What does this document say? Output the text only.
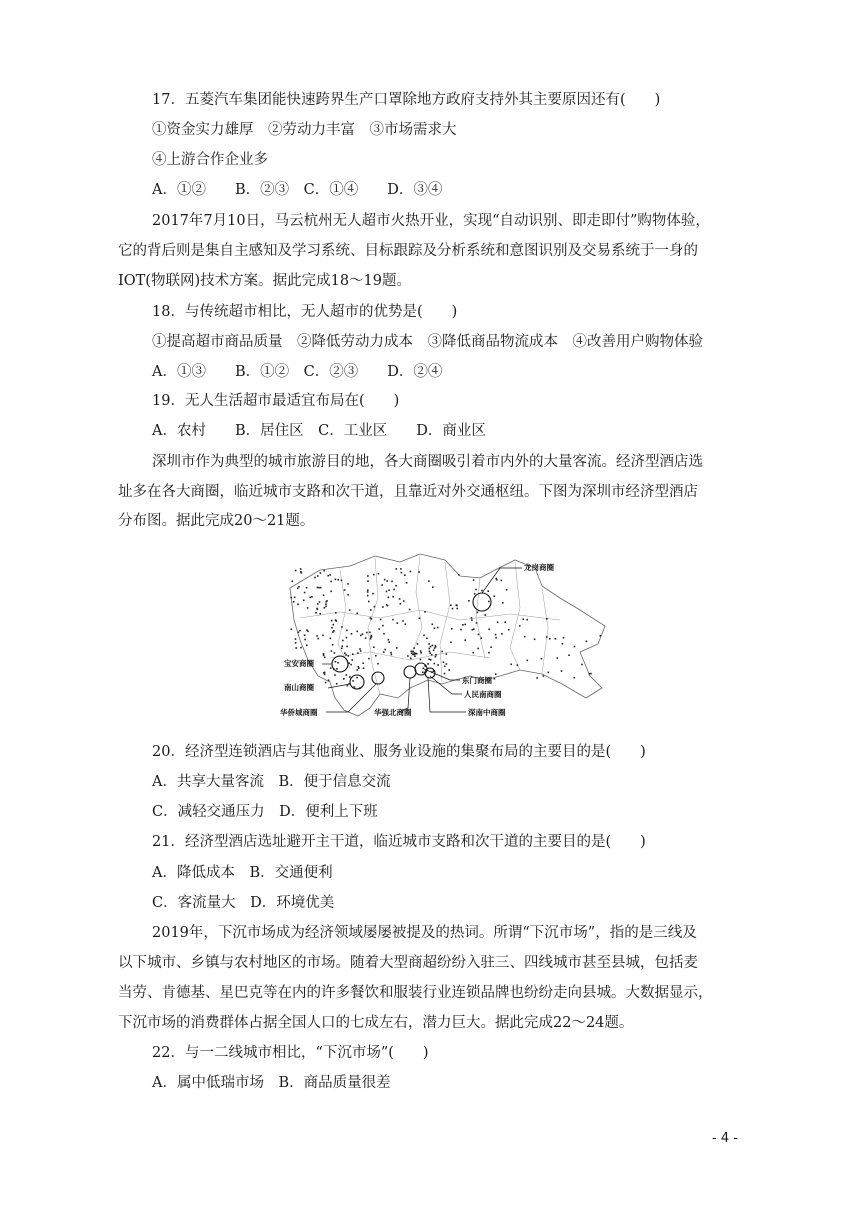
17．五菱汽车集团能快速跨界生产口罩除地方政府支持外其主要原因还有(　　)
①资金实力雄厚　②劳动力丰富　③市场需求大
④上游合作企业多
A．①②　　B．②③　C．①④　　D．③④
2017年7月10日，马云杭州无人超市火热开业，实现“自动识别、即走即付”购物体验，
它的背后则是集自主感知及学习系统、目标跟踪及分析系统和意图识别及交易系统于一身的
IOT(物联网)技术方案。据此完成18～19题。
18．与传统超市相比，无人超市的优势是(　　)
①提高超市商品质量　②降低劳动力成本　③降低商品物流成本　④改善用户购物体验
A．①③　　B．①②　C．②③　　D．②④
19．无人生活超市最适宜布局在(　　)
A．农村　　B．居住区　C．工业区　　D．商业区
深圳市作为典型的城市旅游目的地，各大商圈吸引着市内外的大量客流。经济型酒店选
址多在各大商圈，临近城市支路和次干道，且靠近对外交通枢纽。下图为深圳市经济型酒店
分布图。据此完成20～21题。
20．经济型连锁酒店与其他商业、服务业设施的集聚布局的主要目的是(　　)
A．共享大量客流　B．便于信息交流
C．减轻交通压力　D．便利上下班
21．经济型酒店选址避开主干道，临近城市支路和次干道的主要目的是(　　)
A．降低成本　B．交通便利
C．客流量大　D．环境优美
2019年，下沉市场成为经济领域屡屡被提及的热词。所谓“下沉市场”，指的是三线及
以下城市、乡镇与农村地区的市场。随着大型商超纷纷入驻三、四线城市甚至县城，包括麦
当劳、肯德基、星巴克等在内的许多餐饮和服装行业连锁品牌也纷纷走向县城。大数据显示，
下沉市场的消费群体占据全国人口的七成左右，潜力巨大。据此完成22～24题。
22．与一二线城市相比，“下沉市场”(　　)
A．属中低瑞市场　B．商品质量很差
龙岗商圈
宝安商圈
南山商圈
华侨城商圈	华强北商圈
东门商圈
人民南商圈
深南中商圈
- 4 -
